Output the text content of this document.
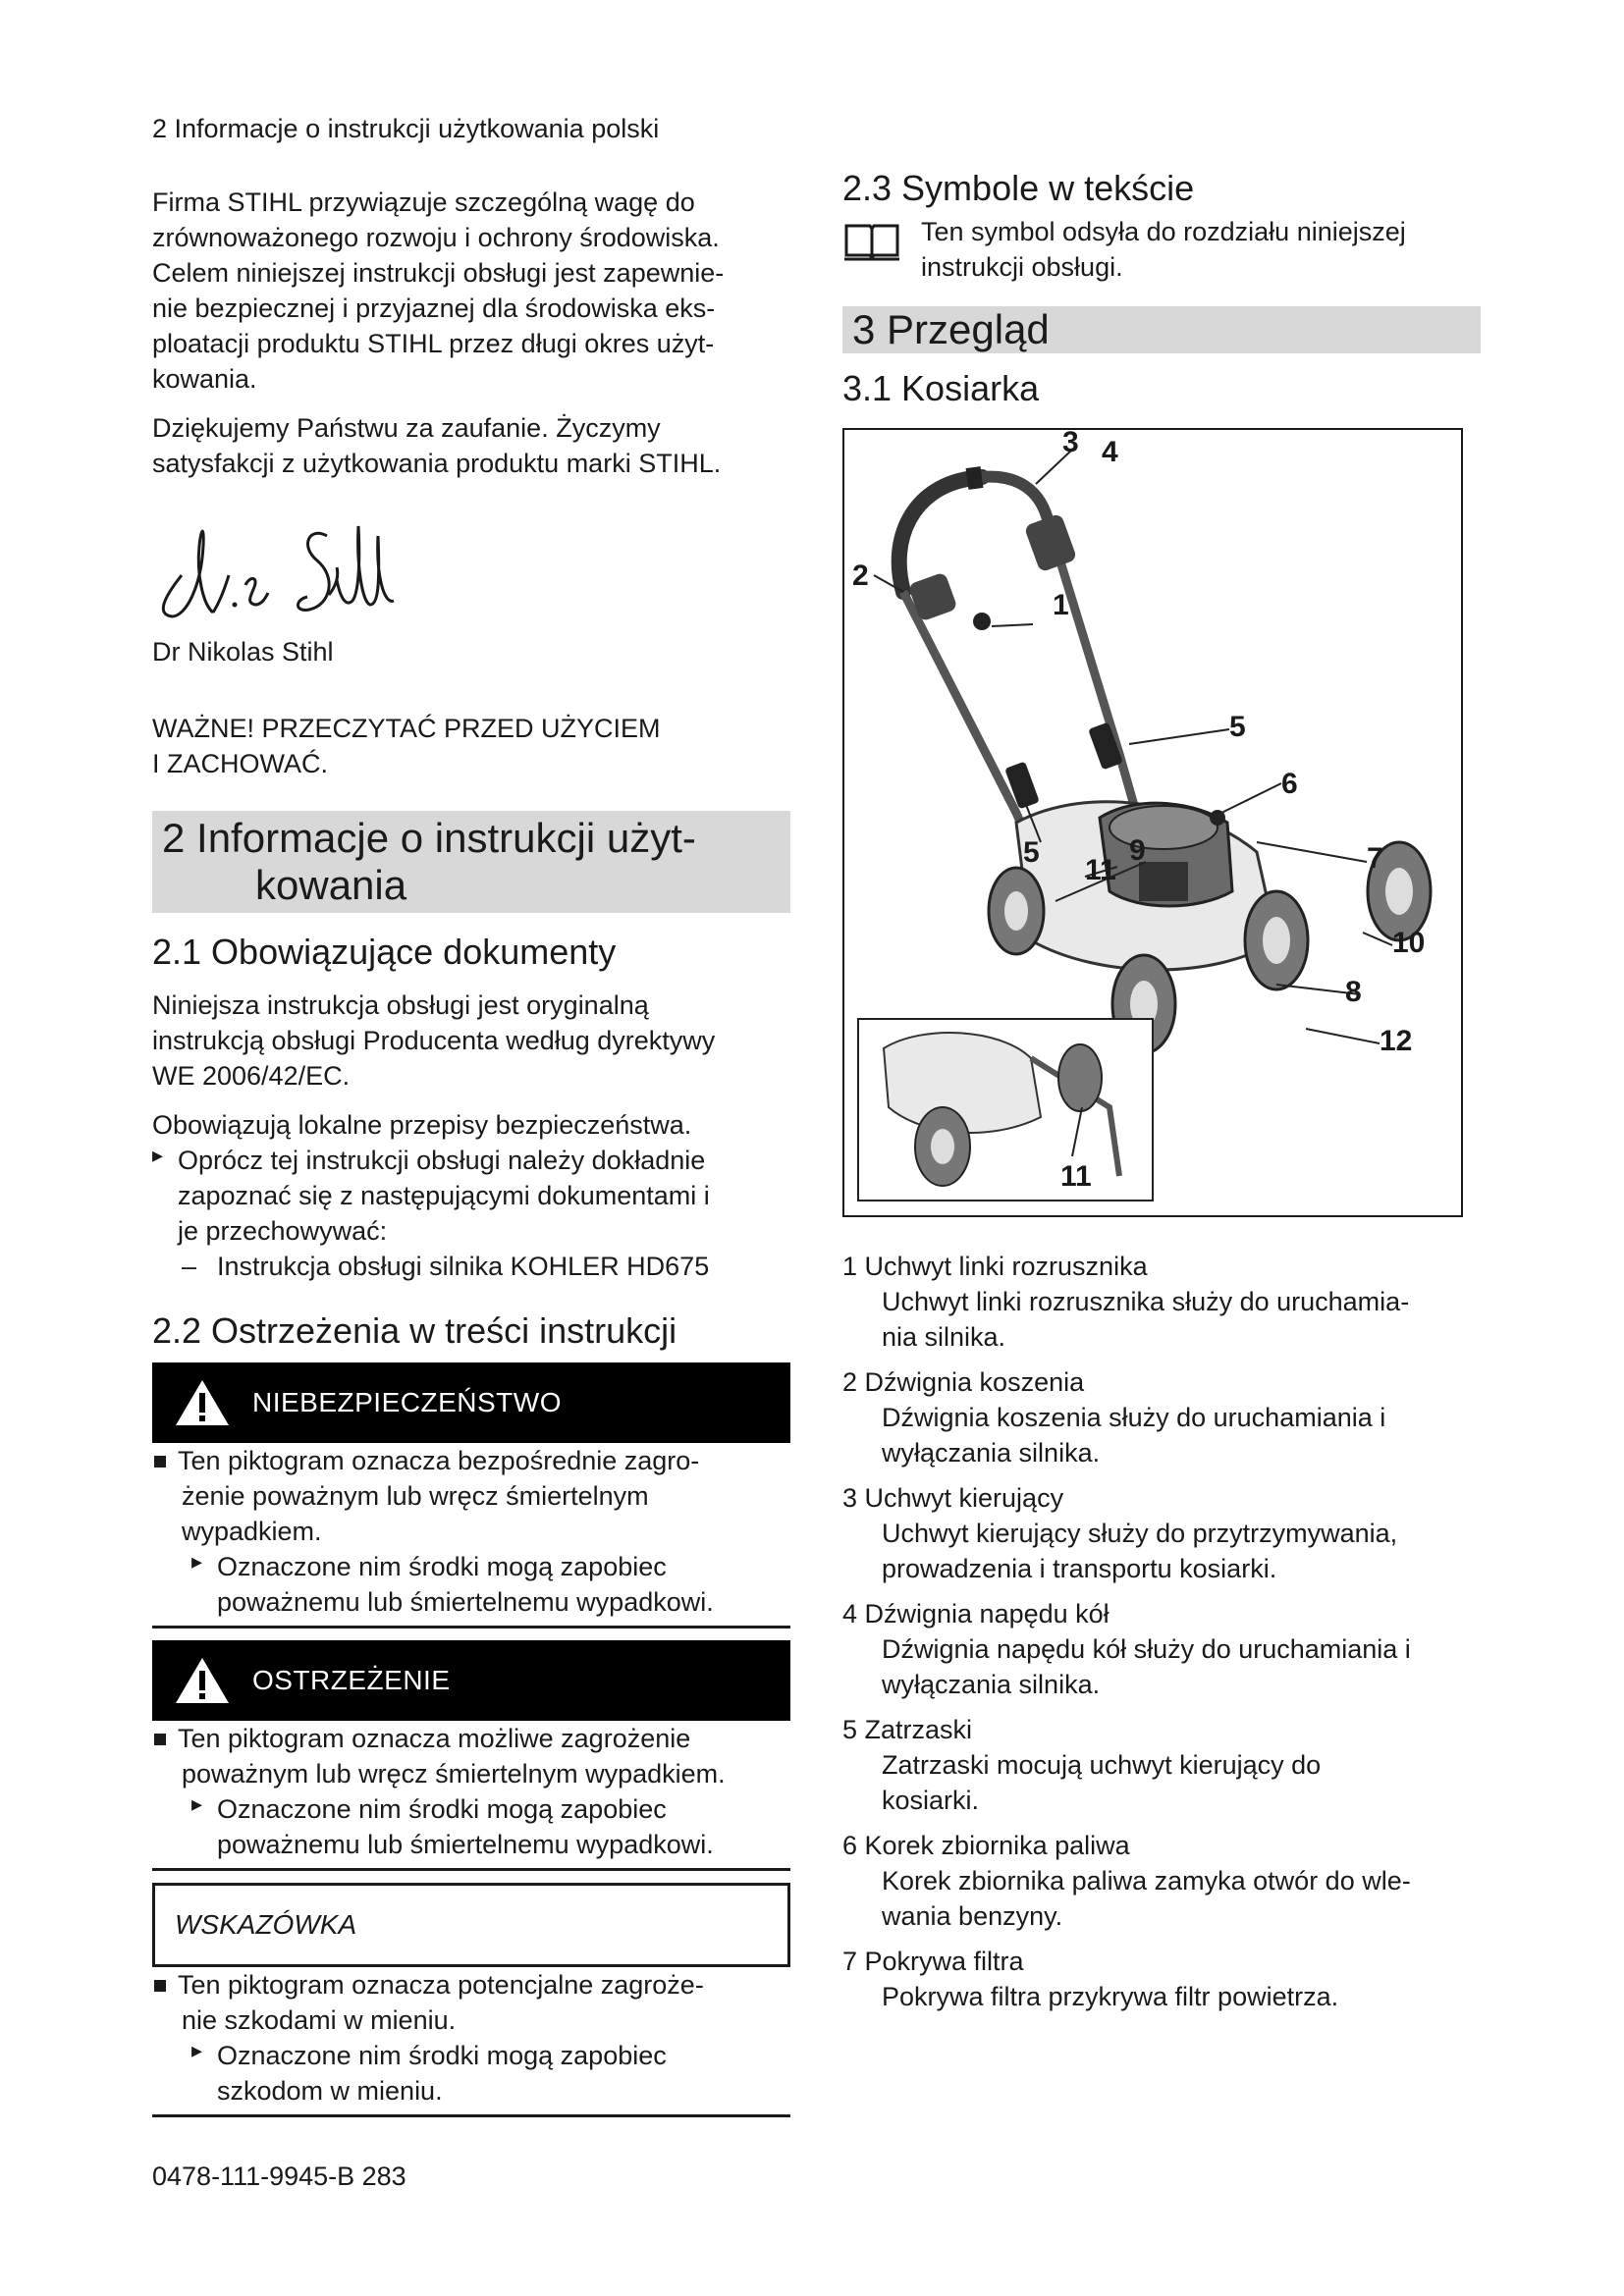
2 Informacje o instrukcji użytkowania polski

Firma STIHL przywiązuje szczególną wagę do

zrównoważonego rozwoju i ochrony środowiska.

Celem niniejszej instrukcji obsługi jest zapewnie-

nie bezpiecznej i przyjaznej dla środowiska eks-

ploatacji produktu STIHL przez długi okres użyt-

kowania.

Dziękujemy Państwu za zaufanie. Życzymy

satysfakcji z użytkowania produktu marki STIHL.

Dr Nikolas Stihl

WAŻNE! PRZECZYTAĆ PRZED UŻYCIEM

I ZACHOWAĆ.

2 Informacje o instrukcji użyt-
kowania
2.1 Obowiązujące dokumenty

Niniejsza instrukcja obsługi jest oryginalną

instrukcją obsługi Producenta według dyrektywy

WE 2006/42/EC.

Obowiązują lokalne przepisy bezpieczeństwa.

▸ Oprócz tej instrukcji obsługi należy dokładnie

zapoznać się z następującymi dokumentami i

je przechowywać:

– Instrukcja obsługi silnika KOHLER HD675

2.2 Ostrzeżenia w treści instrukcji
NIEBEZPIECZEŃSTWO

Ten piktogram oznacza bezpośrednie zagro-

żenie poważnym lub wręcz śmiertelnym

wypadkiem.

▸ Oznaczone nim środki mogą zapobiec

poważnemu lub śmiertelnemu wypadkowi.

OSTRZEŻENIE

Ten piktogram oznacza możliwe zagrożenie

poważnym lub wręcz śmiertelnym wypadkiem.

▸ Oznaczone nim środki mogą zapobiec

poważnemu lub śmiertelnemu wypadkowi.

WSKAZÓWKA

Ten piktogram oznacza potencjalne zagroże-

nie szkodami w mieniu.

▸ Oznaczone nim środki mogą zapobiec

szkodom w mieniu.

2.3 Symbole w tekście

Ten symbol odsyła do rozdziału niniejszej

instrukcji obsługi.

3 Przegląd
3.1 Kosiarka
1
2
3 4
5
5
6
7
8
9
10
11
11
12

1 Uchwyt linki rozrusznika

Uchwyt linki rozrusznika służy do uruchamia-

nia silnika.

2 Dźwignia koszenia

Dźwignia koszenia służy do uruchamiania i

wyłączania silnika.

3 Uchwyt kierujący

Uchwyt kierujący służy do przytrzymywania,

prowadzenia i transportu kosiarki.

4 Dźwignia napędu kół

Dźwignia napędu kół służy do uruchamiania i

wyłączania silnika.

5 Zatrzaski

Zatrzaski mocują uchwyt kierujący do

kosiarki.

6 Korek zbiornika paliwa

Korek zbiornika paliwa zamyka otwór do wle-

wania benzyny.

7 Pokrywa filtra

Pokrywa filtra przykrywa filtr powietrza.

0478-111-9945-B 283
